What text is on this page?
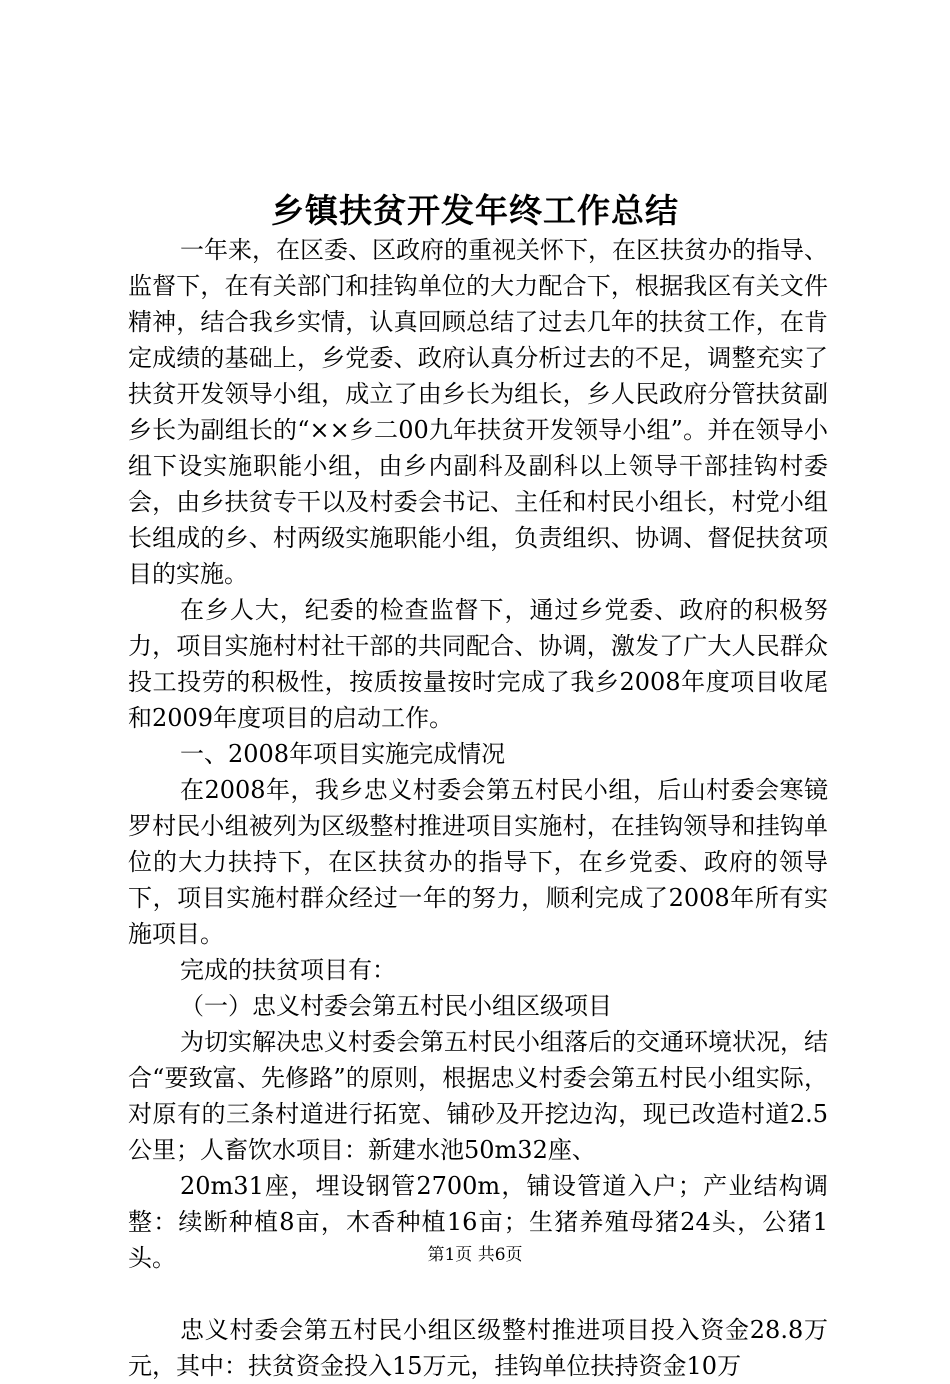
乡镇扶贫开发年终工作总结

一年来，在区委、区政府的重视关怀下，在区扶贫办的指导、监督下，在有关部门和挂钩单位的大力配合下，根据我区有关文件精神，结合我乡实情，认真回顾总结了过去几年的扶贫工作，在肯定成绩的基础上，乡党委、政府认真分析过去的不足，调整充实了扶贫开发领导小组，成立了由乡长为组长，乡人民政府分管扶贫副乡长为副组长的“××乡二00九年扶贫开发领导小组”。并在领导小组下设实施职能小组，由乡内副科及副科以上领导干部挂钩村委会，由乡扶贫专干以及村委会书记、主任和村民小组长，村党小组长组成的乡、村两级实施职能小组，负责组织、协调、督促扶贫项目的实施。

在乡人大，纪委的检查监督下，通过乡党委、政府的积极努力，项目实施村村社干部的共同配合、协调，激发了广大人民群众投工投劳的积极性，按质按量按时完成了我乡2008年度项目收尾和2009年度项目的启动工作。

一、2008年项目实施完成情况

在2008年，我乡忠义村委会第五村民小组，后山村委会寒镜罗村民小组被列为区级整村推进项目实施村，在挂钩领导和挂钩单位的大力扶持下，在区扶贫办的指导下，在乡党委、政府的领导下，项目实施村群众经过一年的努力，顺利完成了2008年所有实施项目。

完成的扶贫项目有：

（一）忠义村委会第五村民小组区级项目

为切实解决忠义村委会第五村民小组落后的交通环境状况，结合“要致富、先修路”的原则，根据忠义村委会第五村民小组实际，对原有的三条村道进行拓宽、铺砂及开挖边沟，现已改造村道2.5公里；人畜饮水项目：新建水池50m32座、

20m31座，埋设钢管2700m，铺设管道入户；产业结构调整：续断种植8亩，木香种植16亩；生猪养殖母猪24头，公猪1头。

忠义村委会第五村民小组区级整村推进项目投入资金28.8万元，其中：扶贫资金投入15万元，挂钩单位扶持资金10万

第1页 共6页
